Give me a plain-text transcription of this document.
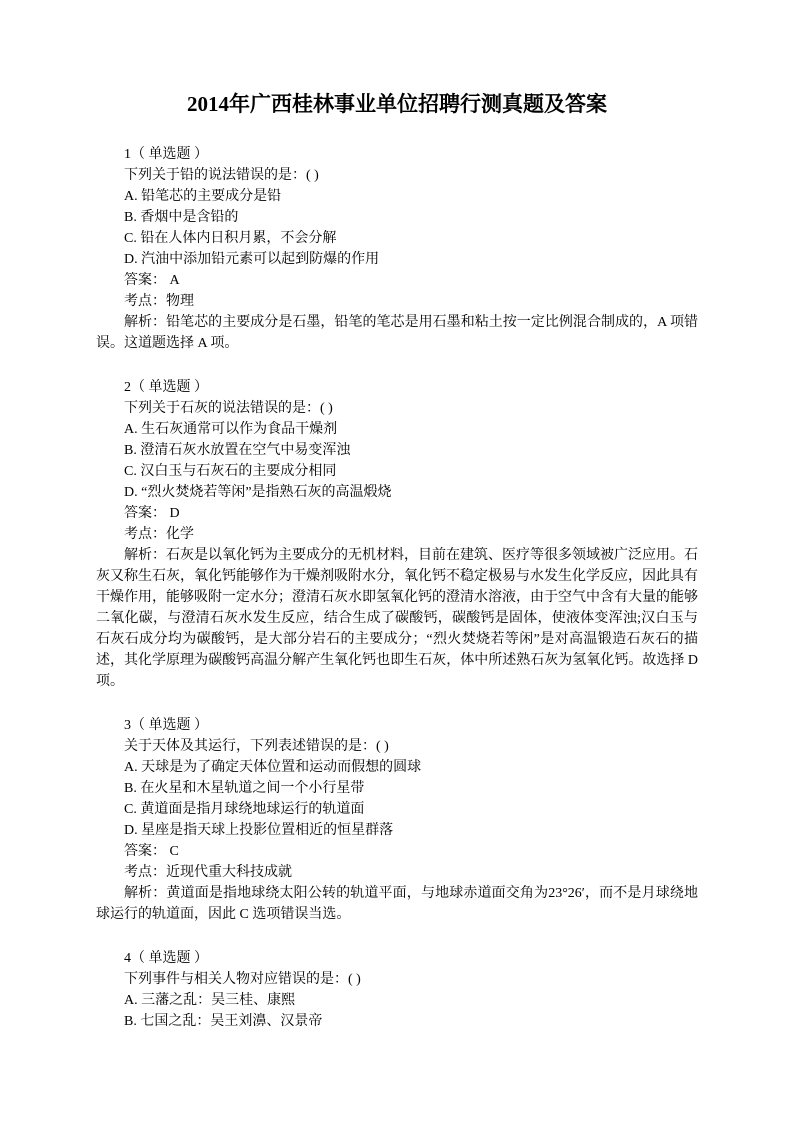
2014年广西桂林事业单位招聘行测真题及答案

1（ 单选题 ）

下列关于铅的说法错误的是：( )

A. 铅笔芯的主要成分是铅

B. 香烟中是含铅的

C. 铅在人体内日积月累，不会分解

D. 汽油中添加铅元素可以起到防爆的作用

答案： A

考点：物理

解析：铅笔芯的主要成分是石墨，铅笔的笔芯是用石墨和粘土按一定比例混合制成的，A 项错误。这道题选择 A 项。

2（ 单选题 ）

下列关于石灰的说法错误的是：( )

A. 生石灰通常可以作为食品干燥剂

B. 澄清石灰水放置在空气中易变浑浊

C. 汉白玉与石灰石的主要成分相同

D. “烈火焚烧若等闲”是指熟石灰的高温煅烧

答案： D

考点：化学

解析：石灰是以氧化钙为主要成分的无机材料，目前在建筑、医疗等很多领域被广泛应用。石灰又称生石灰，氧化钙能够作为干燥剂吸附水分，氧化钙不稳定极易与水发生化学反应，因此具有干燥作用，能够吸附一定水分；澄清石灰水即氢氧化钙的澄清水溶液，由于空气中含有大量的能够二氧化碳，与澄清石灰水发生反应，结合生成了碳酸钙，碳酸钙是固体，使液体变浑浊;汉白玉与石灰石成分均为碳酸钙，是大部分岩石的主要成分；“烈火焚烧若等闲”是对高温锻造石灰石的描述，其化学原理为碳酸钙高温分解产生氧化钙也即生石灰，体中所述熟石灰为氢氧化钙。故选择 D 项。

3（ 单选题 ）

关于天体及其运行，下列表述错误的是：( )

A. 天球是为了确定天体位置和运动而假想的圆球

B. 在火星和木星轨道之间一个小行星带

C. 黄道面是指月球绕地球运行的轨道面

D. 星座是指天球上投影位置相近的恒星群落

答案： C

考点：近现代重大科技成就

解析：黄道面是指地球绕太阳公转的轨道平面，与地球赤道面交角为23°26′，而不是月球绕地球运行的轨道面，因此 C 选项错误当选。

4（ 单选题 ）

下列事件与相关人物对应错误的是：( )

A. 三藩之乱：吴三桂、康熙

B. 七国之乱：吴王刘濞、汉景帝
